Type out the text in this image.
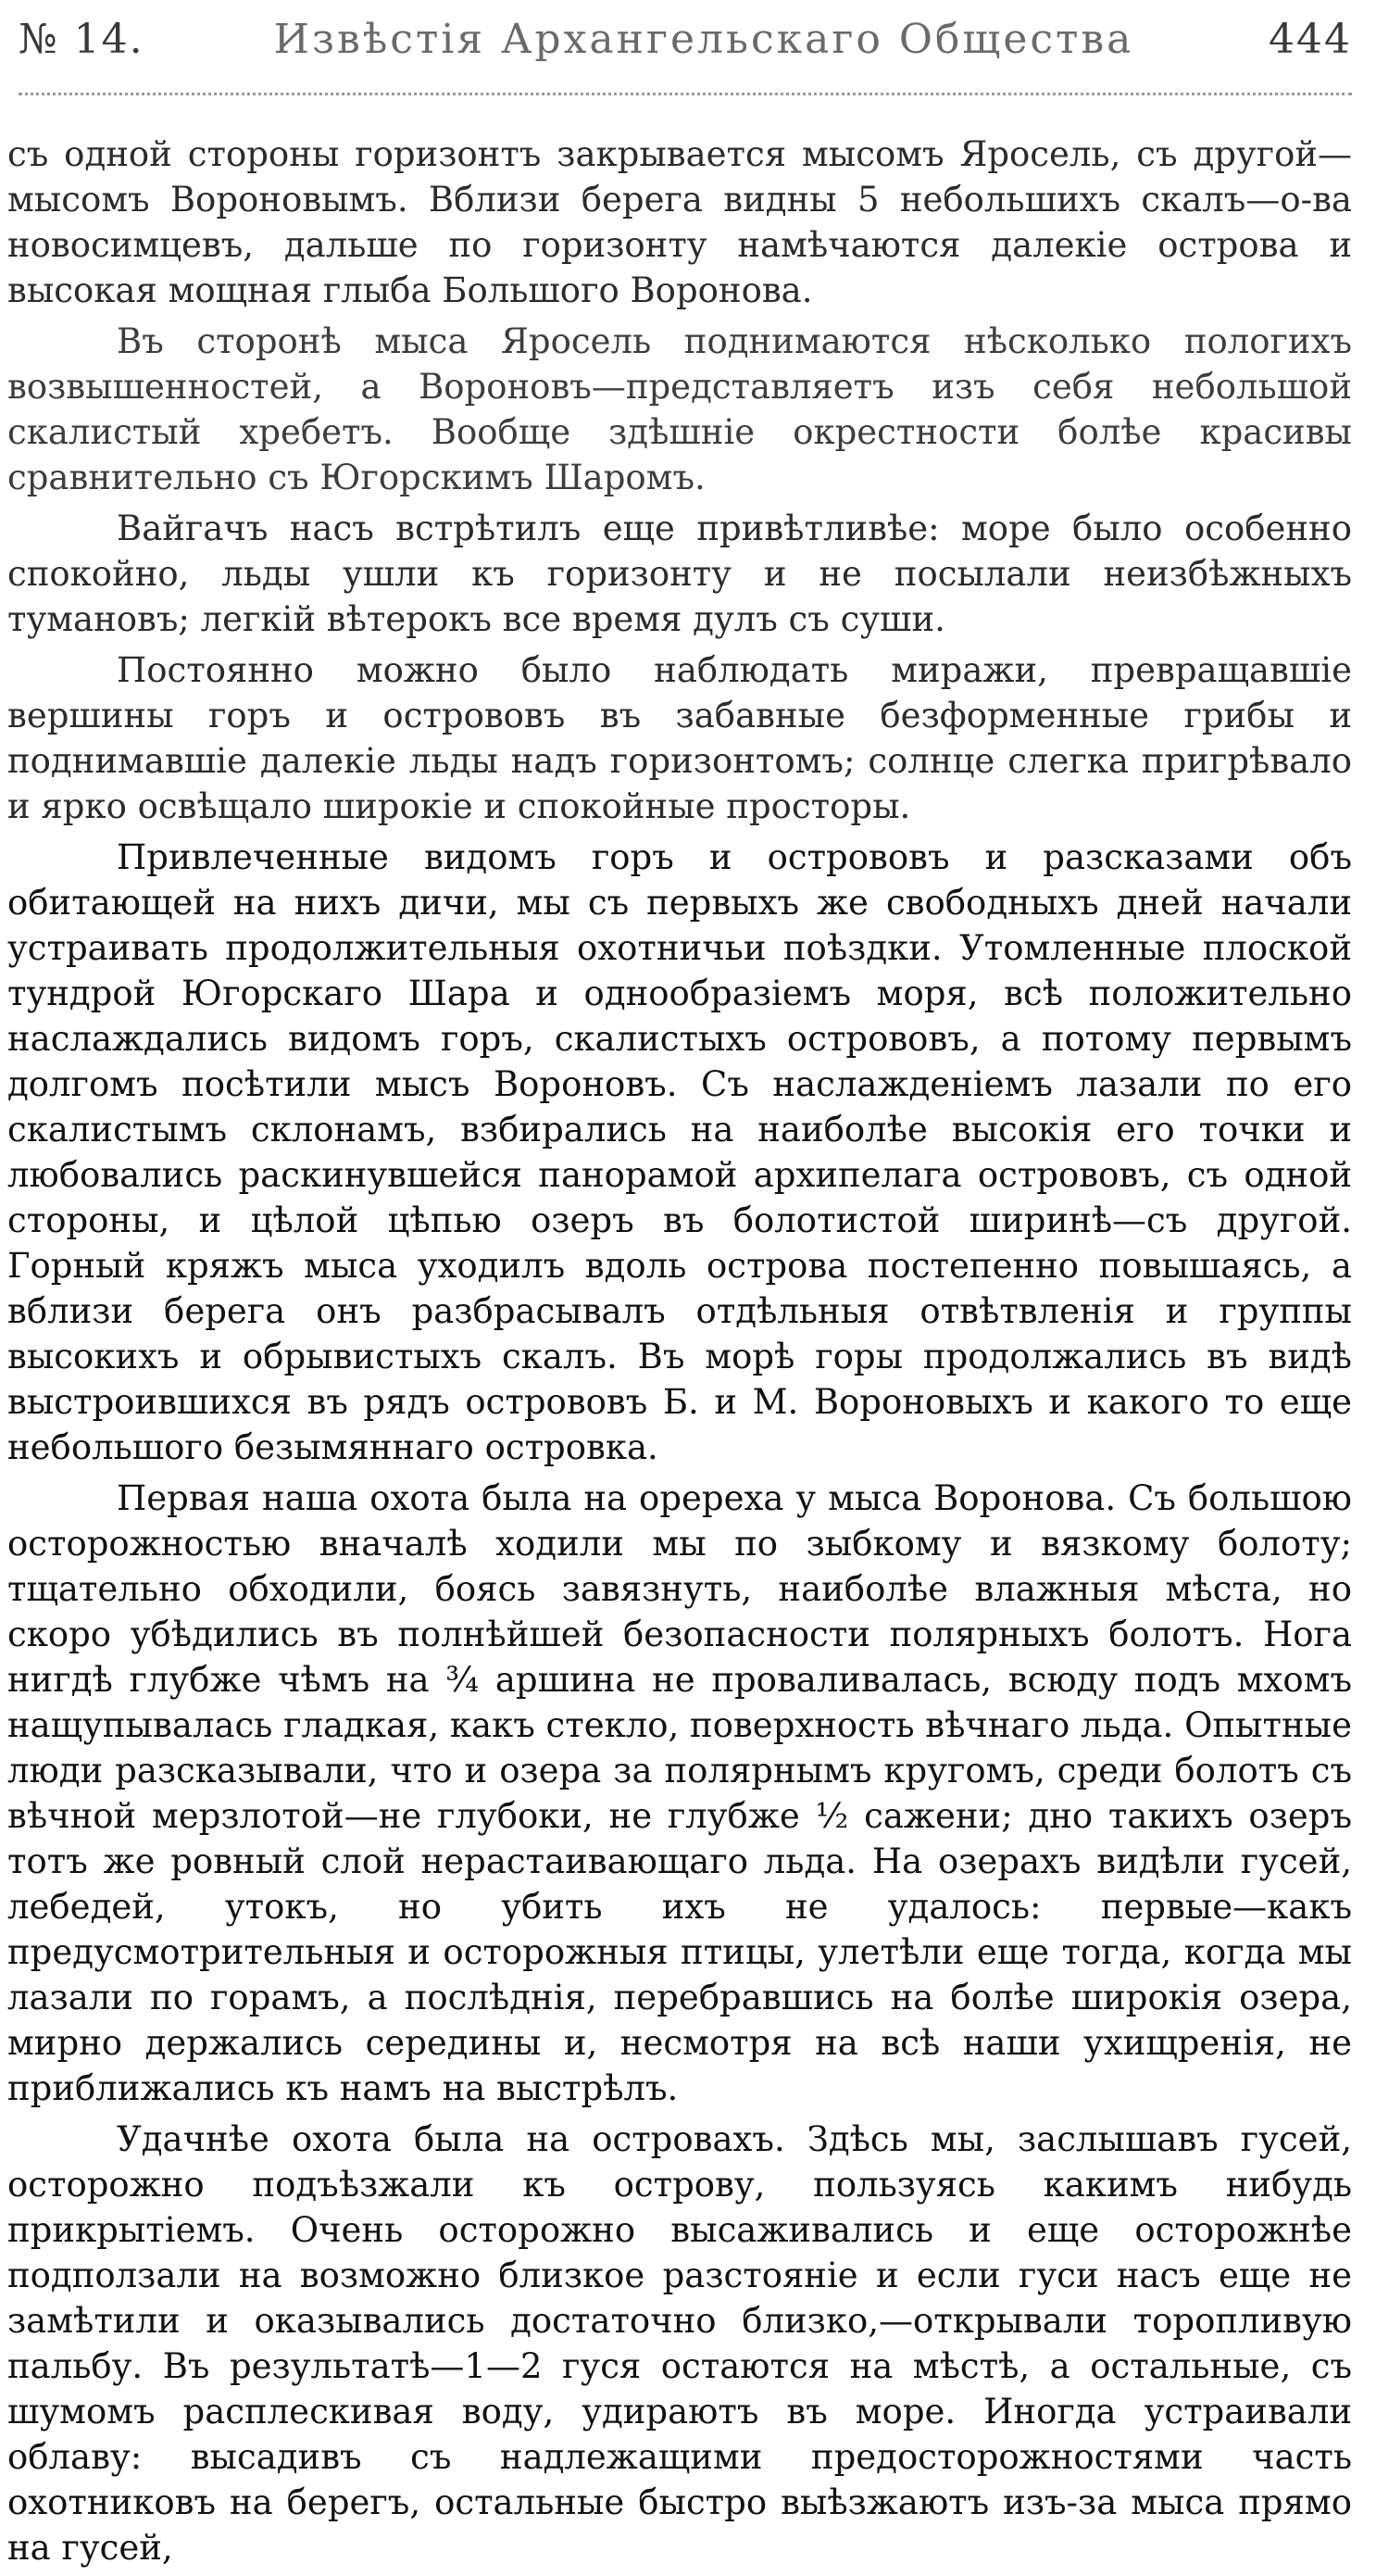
№ 14.	Извѣстія Архангельскаго Общества	444

съ одной стороны горизонтъ закрывается мысомъ Яросель, съ другой—мысомъ Вороновымъ. Вблизи берега видны 5 небольшихъ скалъ—о-ва новосимцевъ, дальше по горизонту намѣчаются далекіе острова и высокая мощная глыба Большого Воронова.

Въ сторонѣ мыса Яросель поднимаются нѣсколько пологихъ возвышенностей, а Вороновъ—представляетъ изъ себя небольшой скалистый хребетъ. Вообще здѣшніе окрестности болѣе красивы сравнительно съ Югорскимъ Шаромъ.

Вайгачъ насъ встрѣтилъ еще привѣтливѣе: море было особенно спокойно, льды ушли къ горизонту и не посылали неизбѣжныхъ тумановъ; легкій вѣтерокъ все время дулъ съ суши.

Постоянно можно было наблюдать миражи, превращавшіе вершины горъ и острововъ въ забавные безформенные грибы и поднимавшіе далекіе льды надъ горизонтомъ; солнце слегка пригрѣвало и ярко освѣщало широкіе и спокойные просторы.

Привлеченные видомъ горъ и острововъ и разсказами объ обитающей на нихъ дичи, мы съ первыхъ же свободныхъ дней начали устраивать продолжительныя охотничьи поѣздки. Утомленные плоской тундрой Югорскаго Шара и однообразіемъ моря, всѣ положительно наслаждались видомъ горъ, скалистыхъ острововъ, а потому первымъ долгомъ посѣтили мысъ Вороновъ. Съ наслажденіемъ лазали по его скалистымъ склонамъ, взбирались на наиболѣе высокія его точки и любовались раскинувшейся панорамой архипелага острововъ, съ одной стороны, и цѣлой цѣпью озеръ въ болотистой ширинѣ—съ другой. Горный кряжъ мыса уходилъ вдоль острова постепенно повышаясь, а вблизи берега онъ разбрасывалъ отдѣльныя отвѣтвленія и группы высокихъ и обрывистыхъ скалъ. Въ морѣ горы продолжались въ видѣ выстроившихся въ рядъ острововъ Б. и М. Вороновыхъ и какого то еще небольшого безымяннаго островка.

Первая наша охота была на оререха у мыса Воронова. Съ большою осторожностью вначалѣ ходили мы по зыбкому и вязкому болоту; тщательно обходили, боясь завязнуть, наиболѣе влажныя мѣста, но скоро убѣдились въ полнѣйшей безопасности полярныхъ болотъ. Нога нигдѣ глубже чѣмъ на ¾ аршина не проваливалась, всюду подъ мхомъ нащупывалась гладкая, какъ стекло, поверхность вѣчнаго льда. Опытные люди разсказывали, что и озера за полярнымъ кругомъ, среди болотъ съ вѣчной мерзлотой—не глубоки, не глубже ½ сажени; дно такихъ озеръ тотъ же ровный слой нерастаивающаго льда. На озерахъ видѣли гусей, лебедей, утокъ, но убить ихъ не удалось: первые—какъ предусмотрительныя и осторожныя птицы, улетѣли еще тогда, когда мы лазали по горамъ, а послѣднія, перебравшись на болѣе широкія озера, мирно держались середины и, несмотря на всѣ наши ухищренія, не приближались къ намъ на выстрѣлъ.

Удачнѣе охота была на островахъ. Здѣсь мы, заслышавъ гусей, осторожно подъѣзжали къ острову, пользуясь какимъ нибудь прикрытіемъ. Очень осторожно высаживались и еще осторожнѣе подползали на возможно близкое разстояніе и если гуси насъ еще не замѣтили и оказывались достаточно близко,—открывали торопливую пальбу. Въ результатѣ—1—2 гуся остаются на мѣстѣ, а остальные, съ шумомъ расплескивая воду, удираютъ въ море. Иногда устраивали облаву: высадивъ съ надлежащими предосторожностями часть охотниковъ на берегъ, остальные быстро выѣзжаютъ изъ-за мыса прямо на гусей,
